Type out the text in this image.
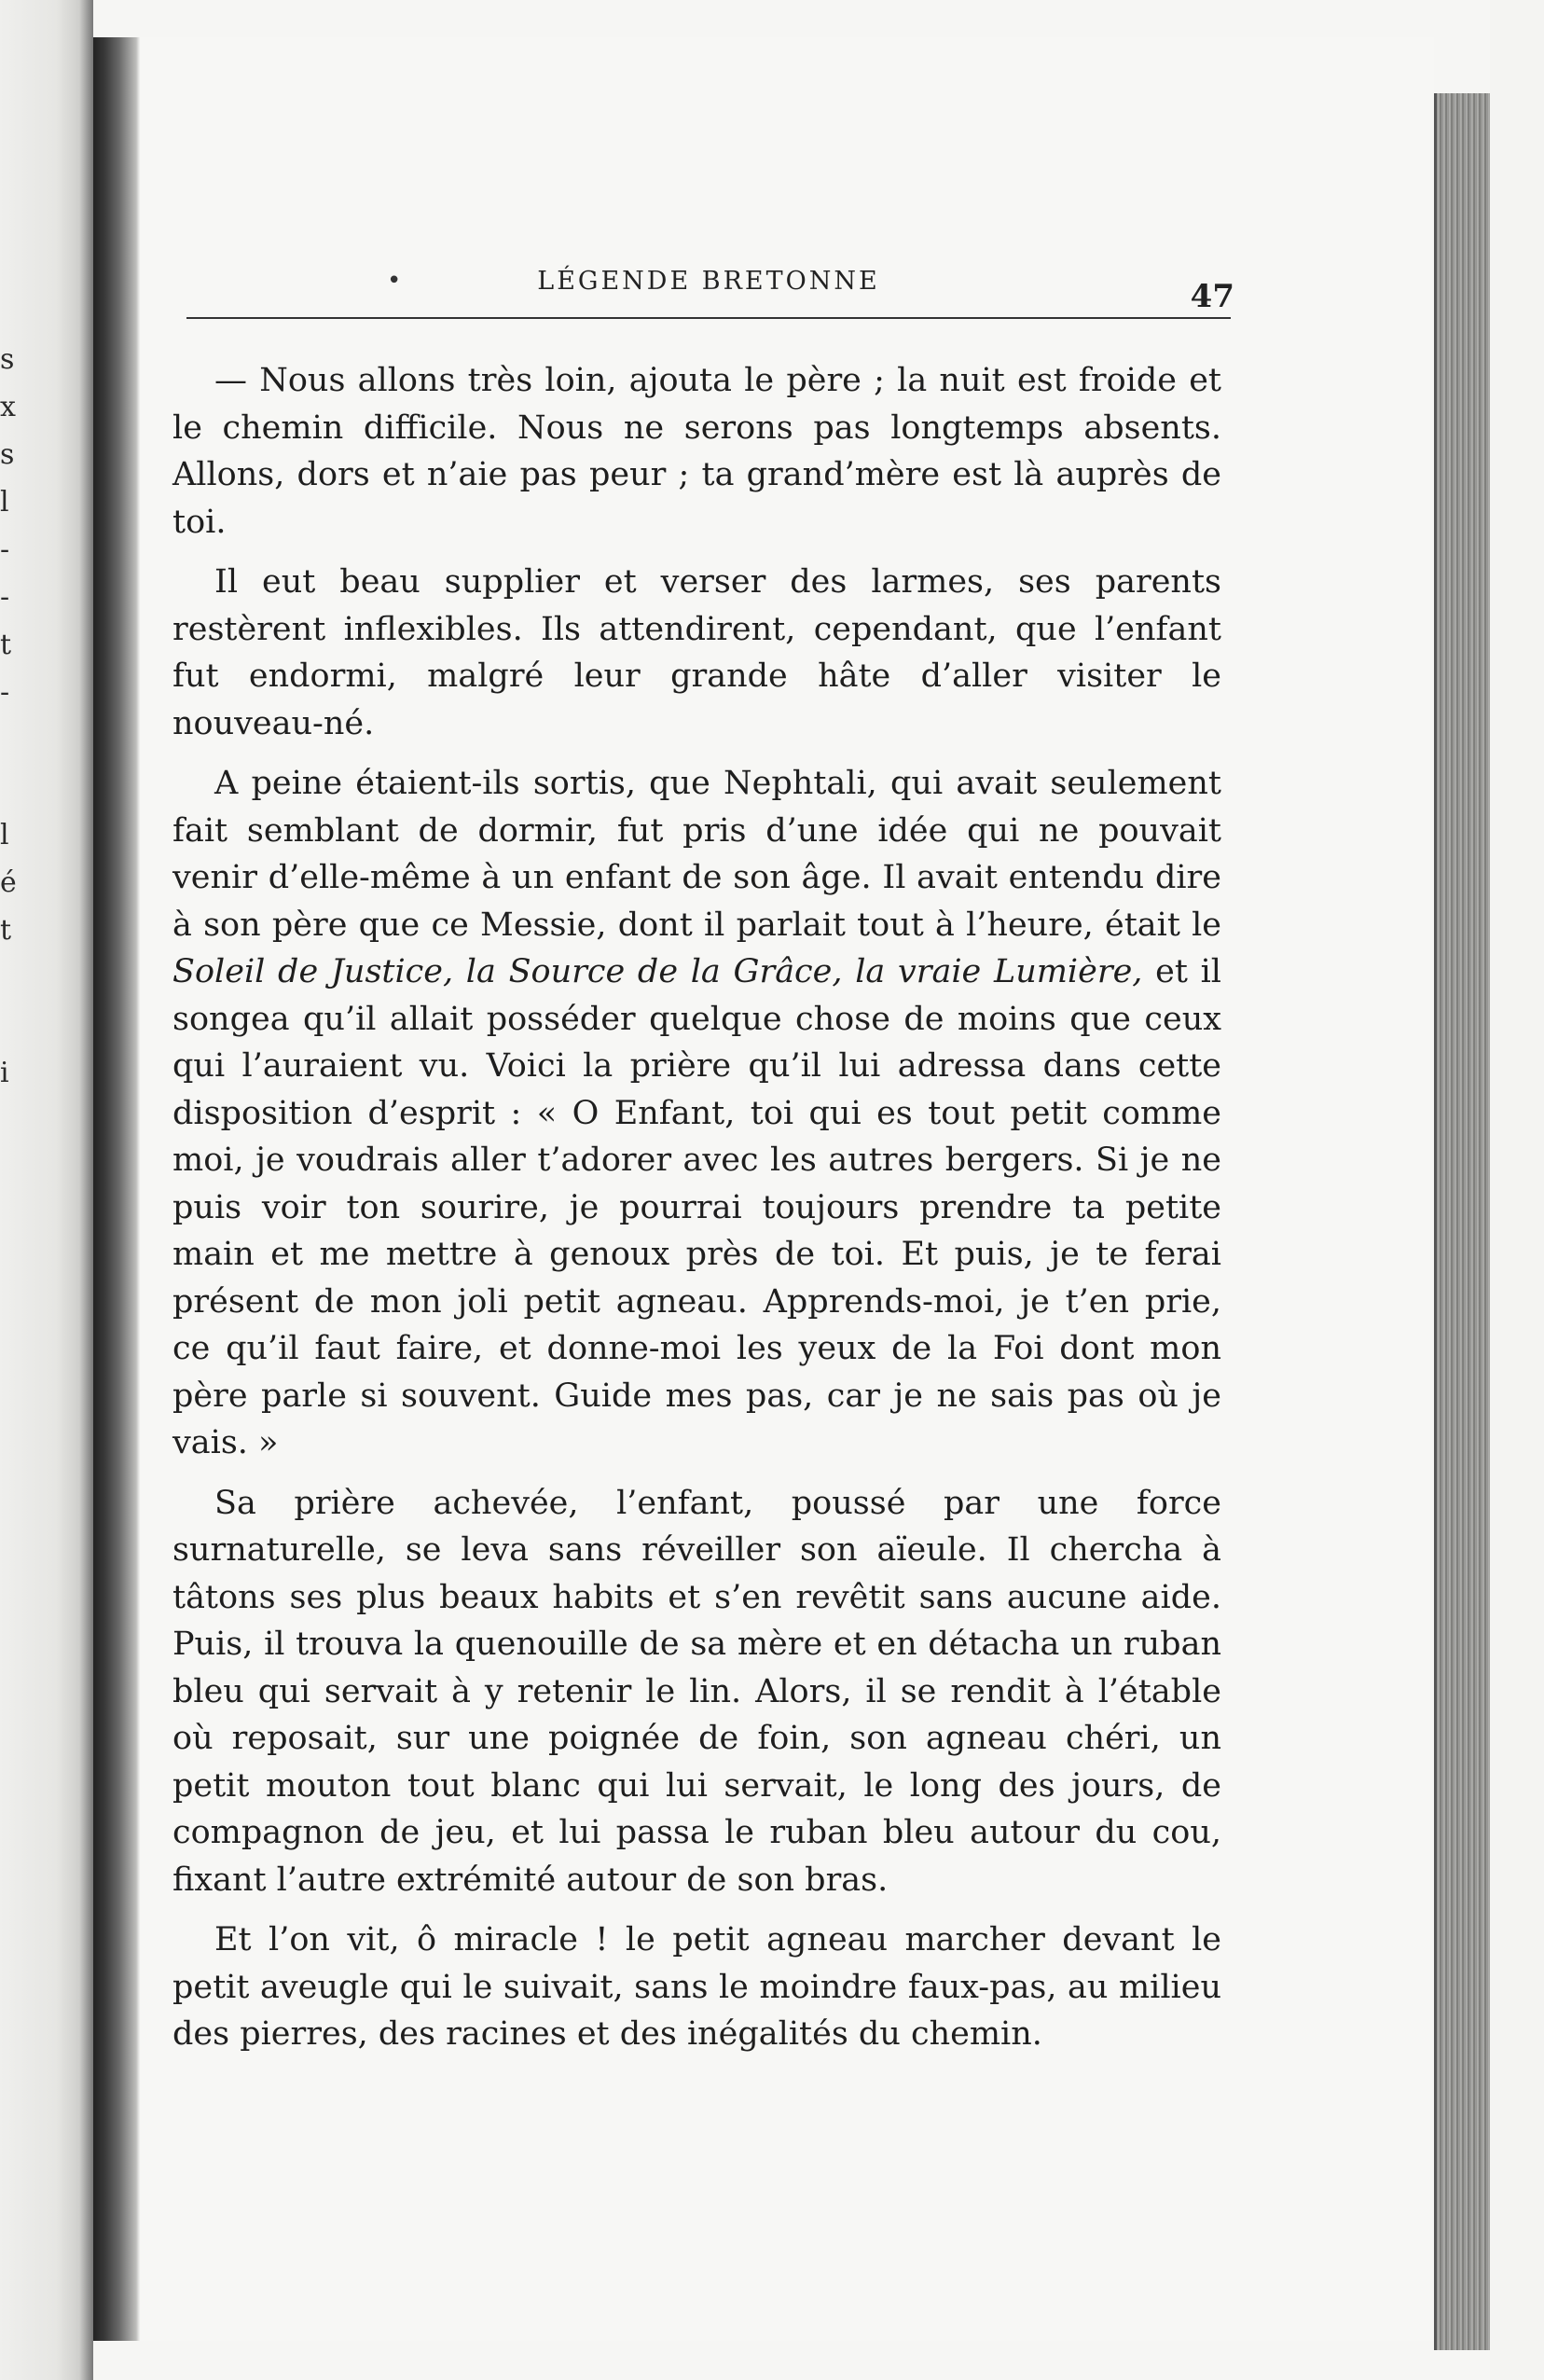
s
x
s
l
-
-
t
-
l
é
t
i
•	LÉGENDE BRETONNE	47

— Nous allons très loin, ajouta le père ; la nuit est froide et le chemin difficile. Nous ne serons pas longtemps absents. Allons, dors et n’aie pas peur ; ta grand’mère est là auprès de toi.

Il eut beau supplier et verser des larmes, ses parents restèrent inflexibles. Ils attendirent, cependant, que l’enfant fut endormi, malgré leur grande hâte d’aller visiter le nouveau-né.

A peine étaient-ils sortis, que Nephtali, qui avait seulement fait semblant de dormir, fut pris d’une idée qui ne pouvait venir d’elle-même à un enfant de son âge. Il avait entendu dire à son père que ce Messie, dont il parlait tout à l’heure, était le Soleil de Justice, la Source de la Grâce, la vraie Lumière, et il songea qu’il allait posséder quelque chose de moins que ceux qui l’auraient vu. Voici la prière qu’il lui adressa dans cette disposition d’esprit : « O Enfant, toi qui es tout petit comme moi, je voudrais aller t’adorer avec les autres bergers. Si je ne puis voir ton sourire, je pourrai toujours prendre ta petite main et me mettre à genoux près de toi. Et puis, je te ferai présent de mon joli petit agneau. Apprends-moi, je t’en prie, ce qu’il faut faire, et donne-moi les yeux de la Foi dont mon père parle si souvent. Guide mes pas, car je ne sais pas où je vais. »

Sa prière achevée, l’enfant, poussé par une force surnaturelle, se leva sans réveiller son aïeule. Il chercha à tâtons ses plus beaux habits et s’en revêtit sans aucune aide. Puis, il trouva la quenouille de sa mère et en détacha un ruban bleu qui servait à y retenir le lin. Alors, il se rendit à l’étable où reposait, sur une poignée de foin, son agneau chéri, un petit mouton tout blanc qui lui servait, le long des jours, de compagnon de jeu, et lui passa le ruban bleu autour du cou, fixant l’autre extrémité autour de son bras.

Et l’on vit, ô miracle ! le petit agneau marcher devant le petit aveugle qui le suivait, sans le moindre faux-pas, au milieu des pierres, des racines et des inégalités du chemin.
